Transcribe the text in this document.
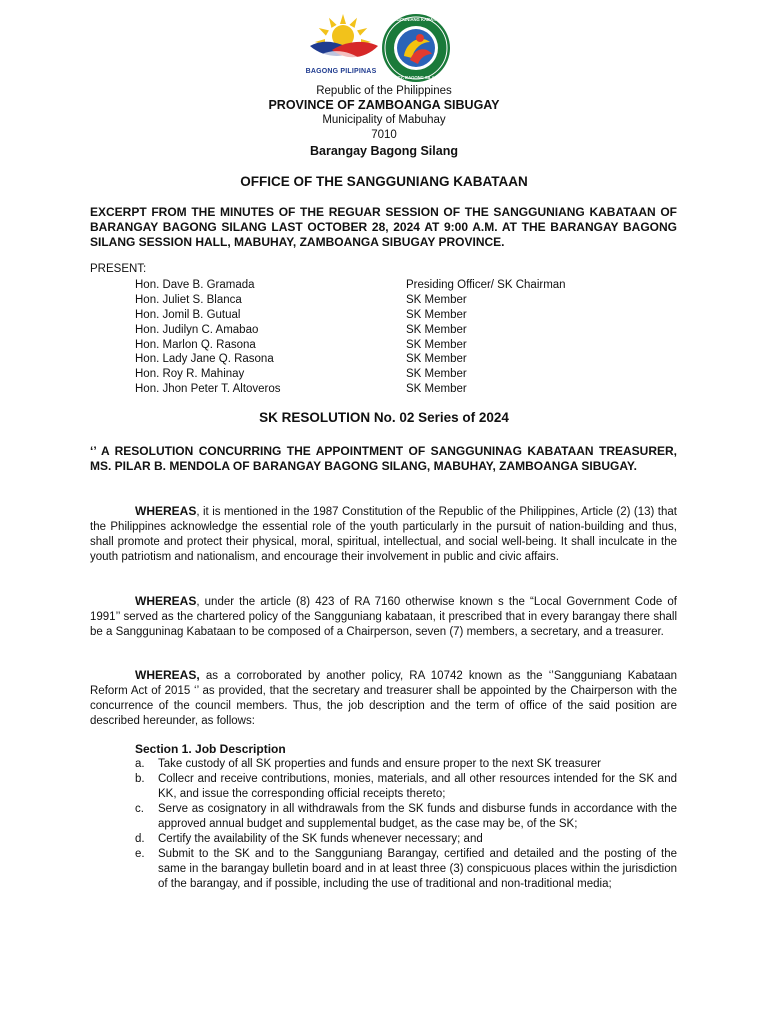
BAGONG PILIPINAS
SANGGUNIANG KABATAAN
BRGY. BAGONG SILANG
Republic of the Philippines
PROVINCE OF ZAMBOANGA SIBUGAY
Municipality of Mabuhay
7010
Barangay Bagong Silang
OFFICE OF THE SANGGUNIANG KABATAAN
EXCERPT FROM THE MINUTES OF THE REGUAR SESSION OF THE SANGGUNIANG KABATAAN OF BARANGAY BAGONG SILANG LAST OCTOBER 28, 2024 AT 9:00 A.M. AT THE BARANGAY BAGONG SILANG SESSION HALL, MABUHAY, ZAMBOANGA SIBUGAY PROVINCE.
PRESENT:
Hon. Dave B. Gramada	Presiding Officer/ SK Chairman
Hon. Juliet S. Blanca	SK Member
Hon. Jomil B. Gutual	SK Member
Hon. Judilyn C. Amabao	SK Member
Hon. Marlon Q. Rasona	SK Member
Hon. Lady Jane Q. Rasona	SK Member
Hon. Roy R. Mahinay	SK Member
Hon. Jhon Peter T. Altoveros	SK Member
SK RESOLUTION No. 02 Series of 2024
‘’ A RESOLUTION CONCURRING THE APPOINTMENT OF SANGGUNINAG KABATAAN TREASURER, MS. PILAR B. MENDOLA OF BARANGAY BAGONG SILANG, MABUHAY, ZAMBOANGA SIBUGAY.
WHEREAS, it is mentioned in the 1987 Constitution of the Republic of the Philippines, Article (2) (13) that the Philippines acknowledge the essential role of the youth particularly in the pursuit of nation-building and thus, shall promote and protect their physical, moral, spiritual, intellectual, and social well-being. It shall inculcate in the youth patriotism and nationalism, and encourage their involvement in public and civic affairs.
WHEREAS, under the article (8) 423 of RA 7160 otherwise known s the “Local Government Code of 1991’’ served as the chartered policy of the Sangguniang kabataan, it prescribed that in every barangay there shall be a Sangguninag Kabataan to be composed of a Chairperson, seven (7) members, a secretary, and a treasurer.
WHEREAS, as a corroborated by another policy, RA 10742 known as the ‘’Sangguniang Kabataan Reform Act of 2015 ‘’ as provided, that the secretary and treasurer shall be appointed by the Chairperson with the concurrence of the council members. Thus, the job description and the term of office of the said position are described hereunder, as follows:
Section 1. Job Description
a. Take custody of all SK properties and funds and ensure proper to the next SK treasurer
b. Collecr and receive contributions, monies, materials, and all other resources intended for the SK and KK, and issue the corresponding official receipts thereto;
c. Serve as cosignatory in all withdrawals from the SK funds and disburse funds in accordance with the approved annual budget and supplemental budget, as the case may be, of the SK;
d. Certify the availability of the SK funds whenever necessary; and
e. Submit to the SK and to the Sangguniang Barangay, certified and detailed and the posting of the same in the barangay bulletin board and in at least three (3) conspicuous places within the jurisdiction of the barangay, and if possible, including the use of traditional and non-traditional media;
